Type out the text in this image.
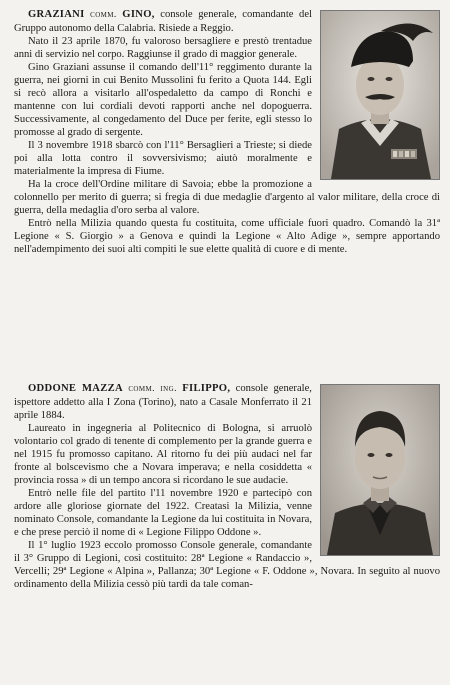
GRAZIANI comm. GINO, console generale, comandante del Gruppo autonomo della Calabria. Risiede a Reggio.

Nato il 23 aprile 1870, fu valoroso bersagliere e prestò trentadue anni di servizio nel corpo. Raggiunse il grado di maggior generale.

Gino Graziani assunse il comando dell'11° reggimento durante la guerra, nei giorni in cui Benito Mussolini fu ferito a Quota 144. Egli si recò allora a visitarlo all'ospedaletto da campo di Ronchi e mantenne con lui cordiali devoti rapporti anche nel dopoguerra. Successivamente, al congedamento del Duce per ferite, egli stesso lo promosse al grado di sergente.

Il 3 novembre 1918 sbarcò con l'11° Bersaglieri a Trieste; si diede poi alla lotta contro il sovversivismo; aiutò moralmente e materialmente la impresa di Fiume.

Ha la croce dell'Ordine militare di Savoia; ebbe la promozione a colonnello per merito di guerra; si fregia di due medaglie d'argento al valor militare, della croce di guerra, della medaglia d'oro serba al valore.

Entrò nella Milizia quando questa fu costituita, come ufficiale fuori quadro. Comandò la 31ª Legione « S. Giorgio » a Genova e quindi la Legione « Alto Adige », sempre apportando nell'adempimento dei suoi alti compiti le sue elette qualità di cuore e di mente.

ODDONE MAZZA comm. ing. FILIPPO, console generale, ispettore addetto alla I Zona (Torino), nato a Casale Monferrato il 21 aprile 1884.

Laureato in ingegneria al Politecnico di Bologna, si arruolò volontario col grado di tenente di complemento per la grande guerra e nel 1915 fu promosso capitano. Al ritorno fu dei più audaci nel far fronte al bolscevismo che a Novara imperava; e nella cosiddetta « provincia rossa » di un tempo ancora si ricordano le sue audacie.

Entrò nelle file del partito l'11 novembre 1920 e partecipò con ardore alle gloriose giornate del 1922. Creatasi la Milizia, venne nominato Console, comandante la Legione da lui costituita in Novara, e che prese perciò il nome di « Legione Filippo Oddone ».

Il 1° luglio 1923 eccolo promosso Console generale, comandante il 3° Gruppo di Legioni, così costituito: 28ª Legione « Randaccio », Vercelli; 29ª Legione « Alpina », Pallanza; 30ª Legione « F. Oddone », Novara. In seguito al nuovo ordinamento della Milizia cessò più tardi da tale coman-
